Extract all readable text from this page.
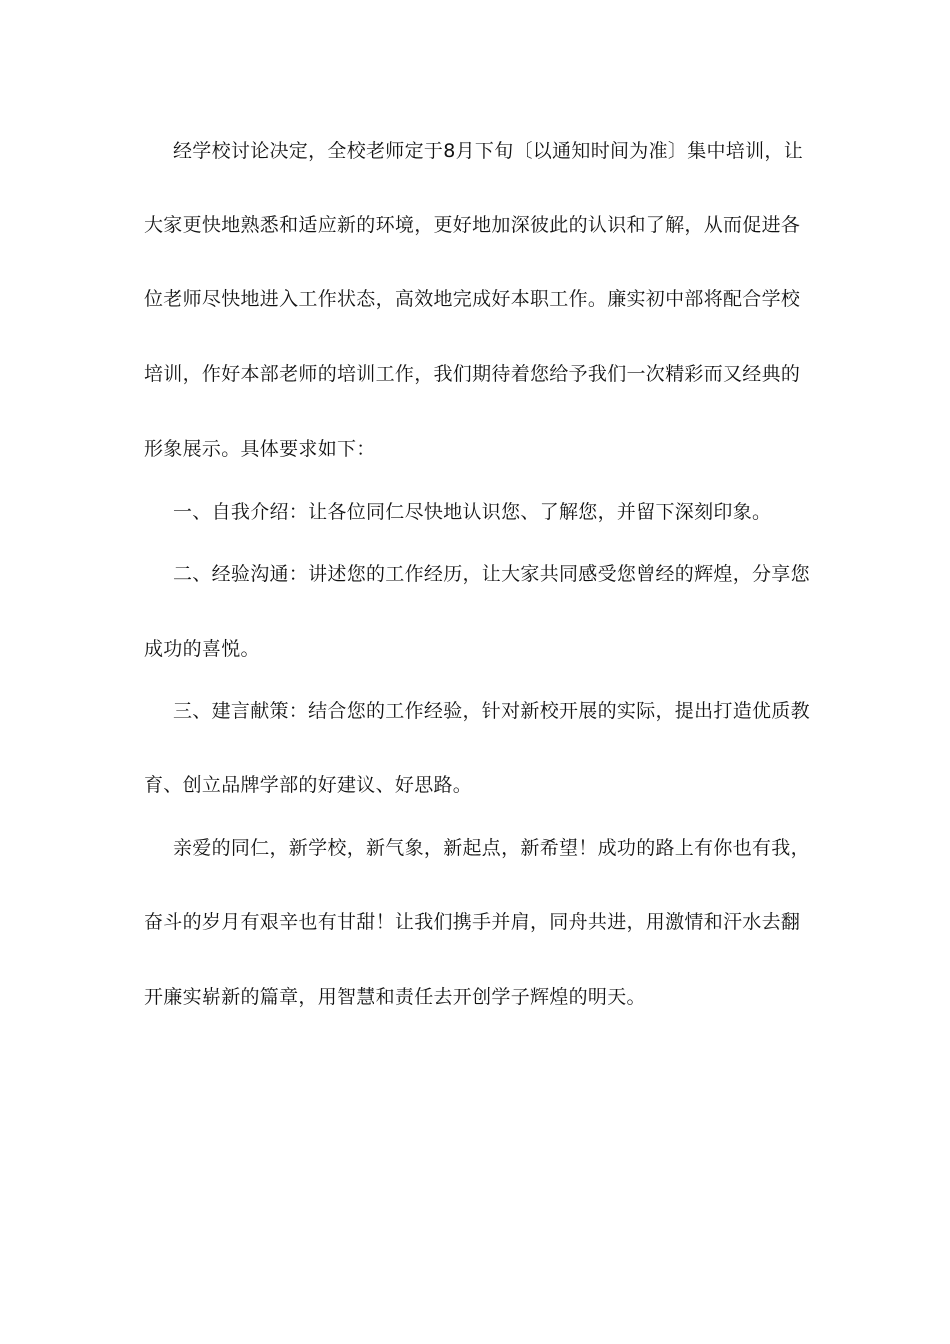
经学校讨论决定，全校老师定于8月下旬〔以通知时间为准〕集中培训，让
大家更快地熟悉和适应新的环境，更好地加深彼此的认识和了解，从而促进各
位老师尽快地进入工作状态，高效地完成好本职工作。廉实初中部将配合学校
培训，作好本部老师的培训工作，我们期待着您给予我们一次精彩而又经典的
形象展示。具体要求如下：
一、自我介绍：让各位同仁尽快地认识您、了解您，并留下深刻印象。
二、经验沟通：讲述您的工作经历，让大家共同感受您曾经的辉煌，分享您
成功的喜悦。
三、建言献策：结合您的工作经验，针对新校开展的实际，提出打造优质教
育、创立品牌学部的好建议、好思路。
亲爱的同仁，新学校，新气象，新起点，新希望！成功的路上有你也有我，
奋斗的岁月有艰辛也有甘甜！让我们携手并肩，同舟共进，用激情和汗水去翻
开廉实崭新的篇章，用智慧和责任去开创学子辉煌的明天。
